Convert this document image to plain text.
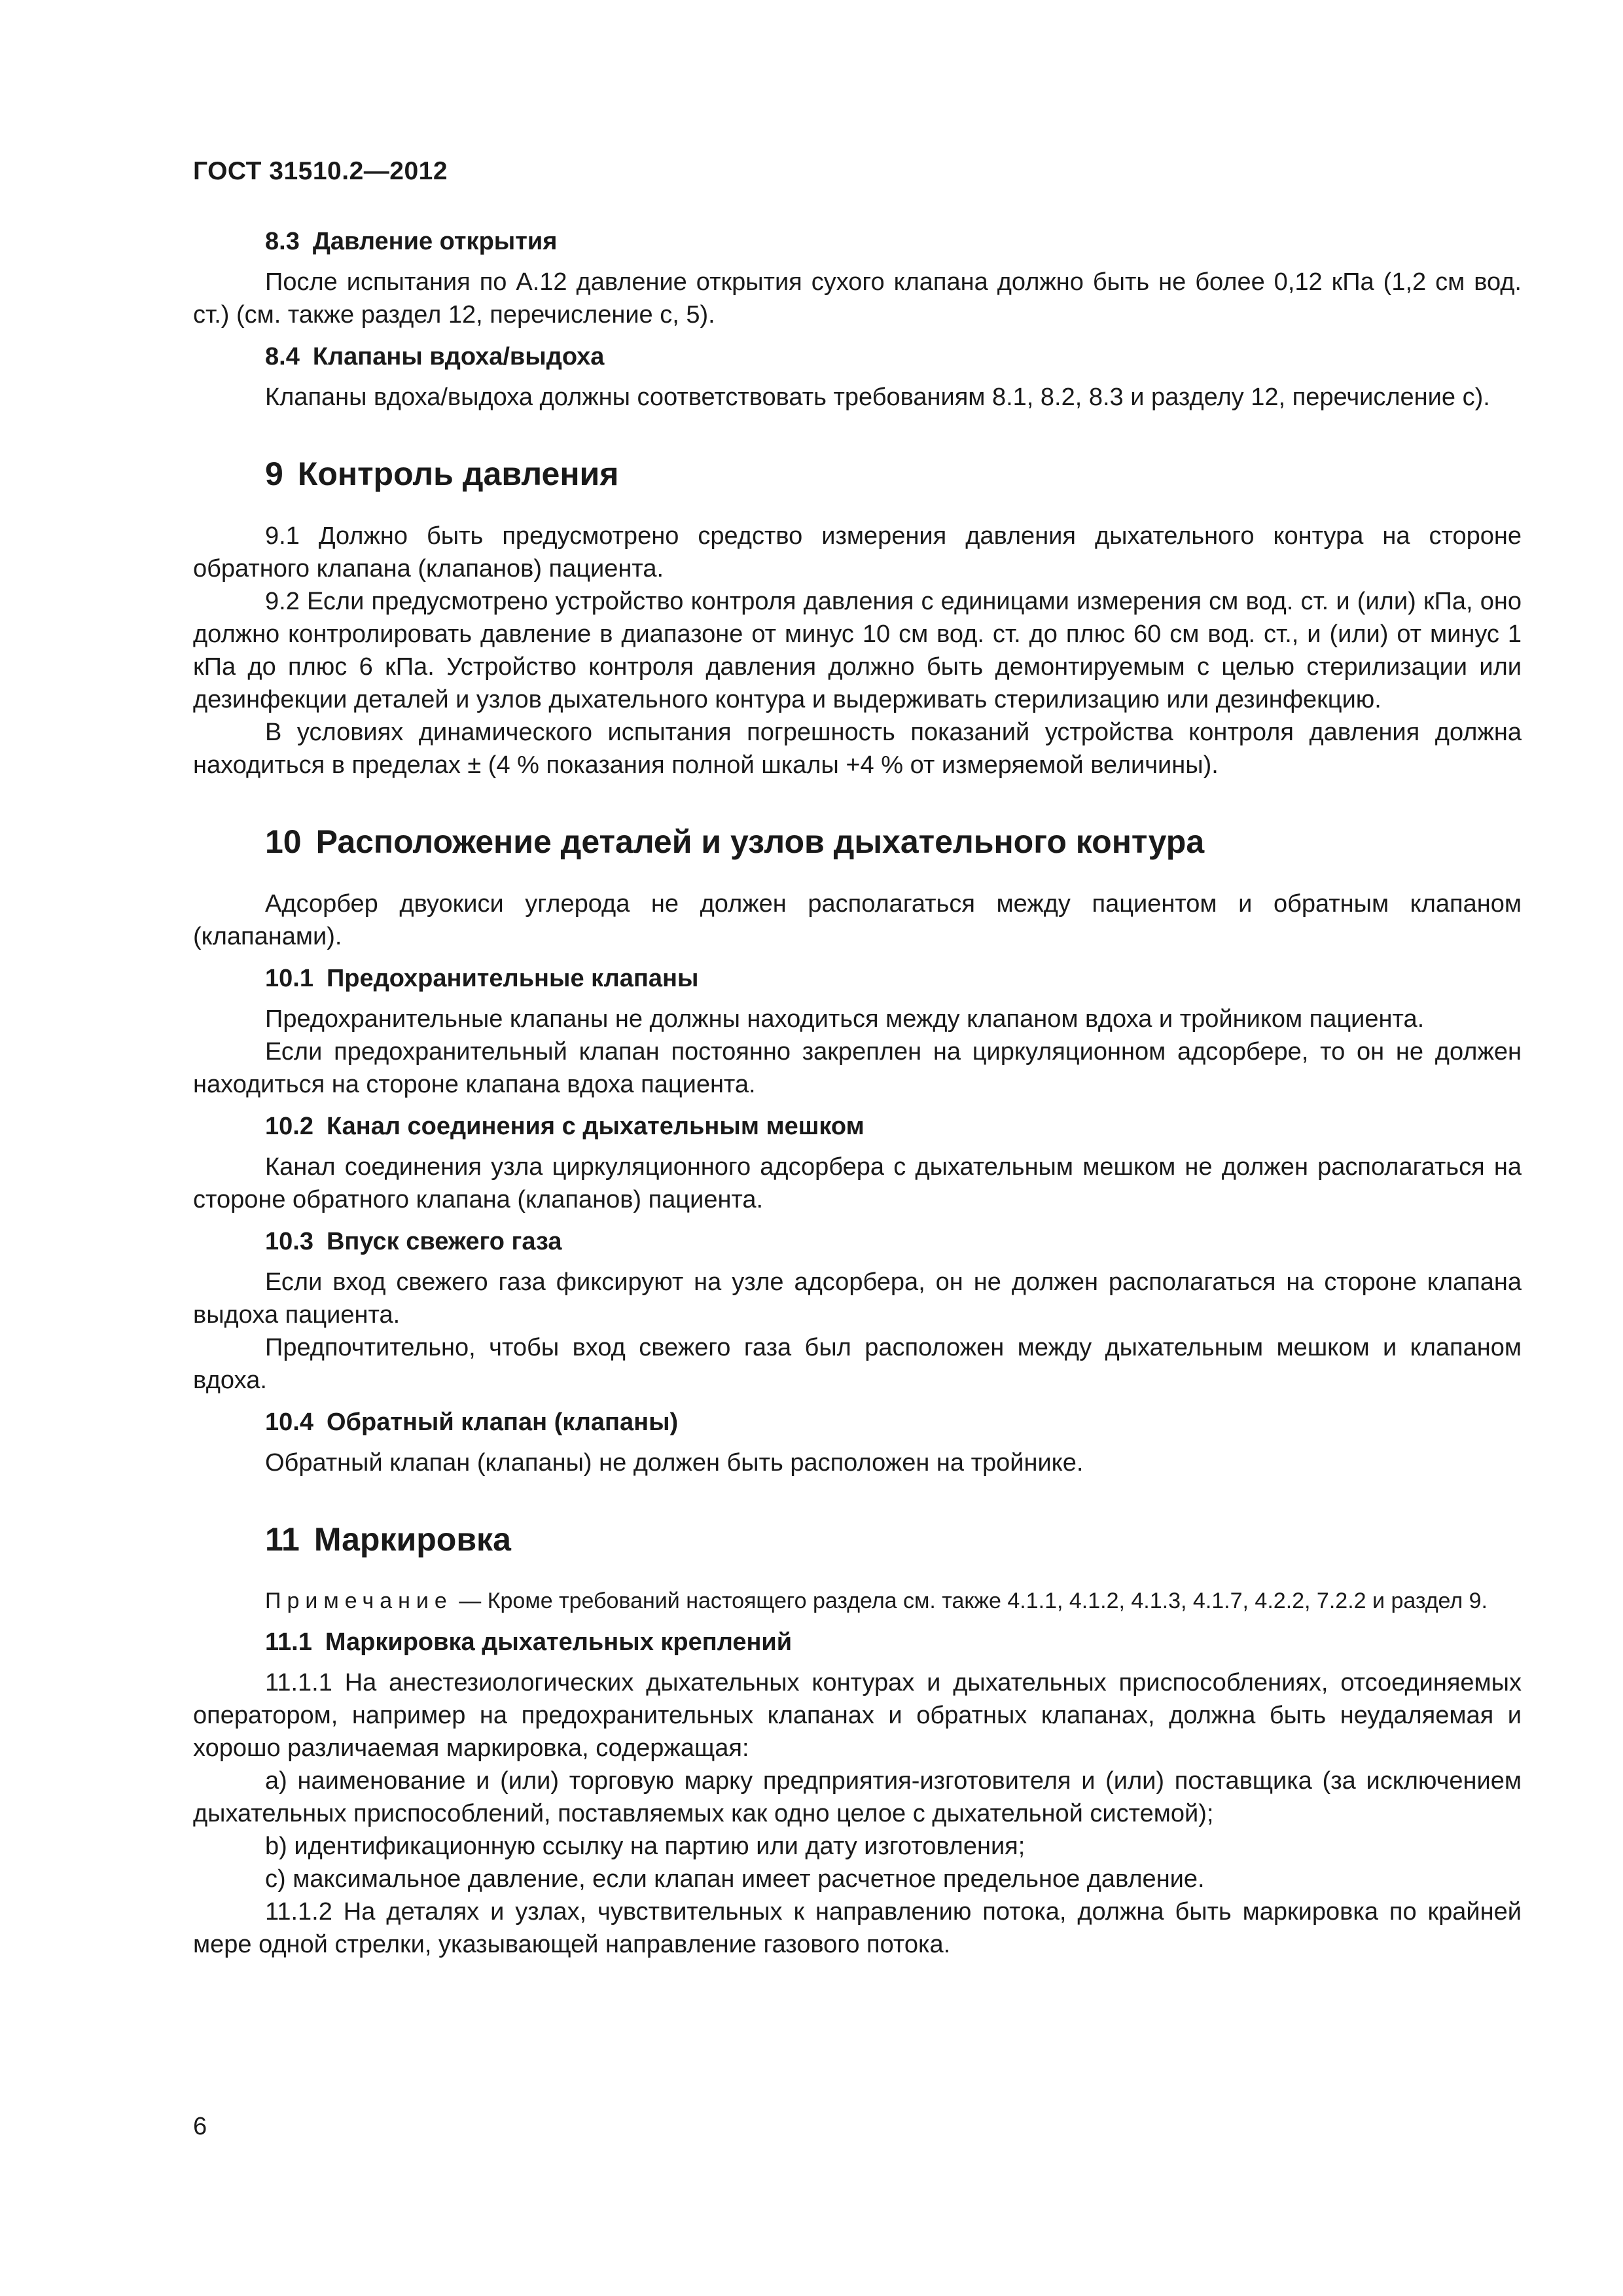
ГОСТ 31510.2—2012
8.3 Давление открытия

После испытания по А.12 давление открытия сухого клапана должно быть не более 0,12 кПа (1,2 см вод. ст.) (см. также раздел 12, перечисление с, 5).

8.4 Клапаны вдоха/выдоха

Клапаны вдоха/выдоха должны соответствовать требованиям 8.1, 8.2, 8.3 и разделу 12, перечисление с).

9 Контроль давления

9.1 Должно быть предусмотрено средство измерения давления дыхательного контура на стороне обратного клапана (клапанов) пациента.

9.2 Если предусмотрено устройство контроля давления с единицами измерения см вод. ст. и (или) кПа, оно должно контролировать давление в диапазоне от минус 10 см вод. ст. до плюс 60 см вод. ст., и (или) от минус 1 кПа до плюс 6 кПа. Устройство контроля давления должно быть демонтируемым с целью стерилизации или дезинфекции деталей и узлов дыхательного контура и выдерживать стерилизацию или дезинфекцию.

В условиях динамического испытания погрешность показаний устройства контроля давления должна находиться в пределах ± (4 % показания полной шкалы +4 % от измеряемой величины).

10 Расположение деталей и узлов дыхательного контура

Адсорбер двуокиси углерода не должен располагаться между пациентом и обратным клапаном (клапанами).

10.1 Предохранительные клапаны

Предохранительные клапаны не должны находиться между клапаном вдоха и тройником пациента.

Если предохранительный клапан постоянно закреплен на циркуляционном адсорбере, то он не должен находиться на стороне клапана вдоха пациента.

10.2 Канал соединения с дыхательным мешком

Канал соединения узла циркуляционного адсорбера с дыхательным мешком не должен располагаться на стороне обратного клапана (клапанов) пациента.

10.3 Впуск свежего газа

Если вход свежего газа фиксируют на узле адсорбера, он не должен располагаться на стороне клапана выдоха пациента.

Предпочтительно, чтобы вход свежего газа был расположен между дыхательным мешком и клапаном вдоха.

10.4 Обратный клапан (клапаны)

Обратный клапан (клапаны) не должен быть расположен на тройнике.

11 Маркировка

Примечание — Кроме требований настоящего раздела см. также 4.1.1, 4.1.2, 4.1.3, 4.1.7, 4.2.2, 7.2.2 и раздел 9.

11.1 Маркировка дыхательных креплений

11.1.1 На анестезиологических дыхательных контурах и дыхательных приспособлениях, отсоединяемых оператором, например на предохранительных клапанах и обратных клапанах, должна быть неудаляемая и хорошо различаемая маркировка, содержащая:

a) наименование и (или) торговую марку предприятия-изготовителя и (или) поставщика (за исключением дыхательных приспособлений, поставляемых как одно целое с дыхательной системой);

b) идентификационную ссылку на партию или дату изготовления;

c) максимальное давление, если клапан имеет расчетное предельное давление.

11.1.2 На деталях и узлах, чувствительных к направлению потока, должна быть маркировка по крайней мере одной стрелки, указывающей направление газового потока.

6
